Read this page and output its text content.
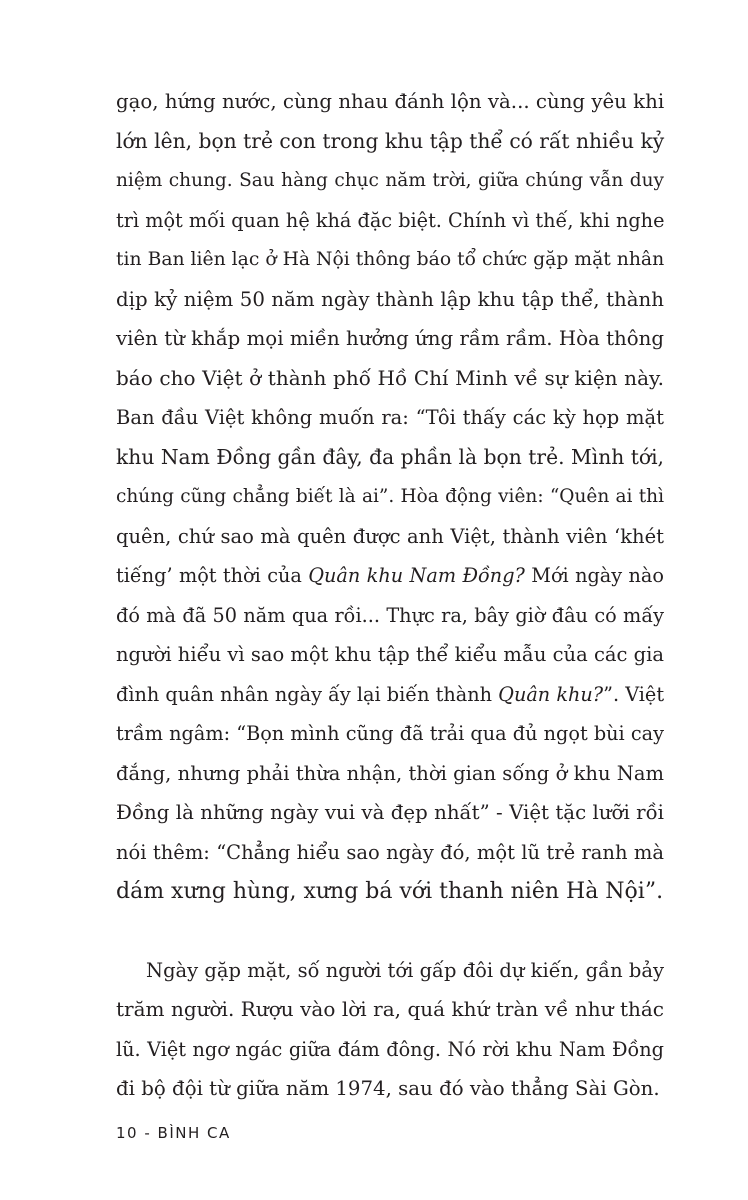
gạo, hứng nước, cùng nhau đánh lộn và... cùng yêu khi
lớn lên, bọn trẻ con trong khu tập thể có rất nhiều kỷ
niệm chung. Sau hàng chục năm trời, giữa chúng vẫn duy
trì một mối quan hệ khá đặc biệt. Chính vì thế, khi nghe
tin Ban liên lạc ở Hà Nội thông báo tổ chức gặp mặt nhân
dịp kỷ niệm 50 năm ngày thành lập khu tập thể, thành
viên từ khắp mọi miền hưởng ứng rầm rầm. Hòa thông
báo cho Việt ở thành phố Hồ Chí Minh về sự kiện này.
Ban đầu Việt không muốn ra: “Tôi thấy các kỳ họp mặt
khu Nam Đồng gần đây, đa phần là bọn trẻ. Mình tới,
chúng cũng chẳng biết là ai”. Hòa động viên: “Quên ai thì
quên, chứ sao mà quên được anh Việt, thành viên ‘khét
tiếng’ một thời của Quân khu Nam Đồng? Mới ngày nào
đó mà đã 50 năm qua rồi... Thực ra, bây giờ đâu có mấy
người hiểu vì sao một khu tập thể kiểu mẫu của các gia
đình quân nhân ngày ấy lại biến thành Quân khu?”. Việt
trầm ngâm: “Bọn mình cũng đã trải qua đủ ngọt bùi cay
đắng, nhưng phải thừa nhận, thời gian sống ở khu Nam
Đồng là những ngày vui và đẹp nhất” - Việt tặc lưỡi rồi
nói thêm: “Chẳng hiểu sao ngày đó, một lũ trẻ ranh mà
dám xưng hùng, xưng bá với thanh niên Hà Nội”.

Ngày gặp mặt, số người tới gấp đôi dự kiến, gần bảy
trăm người. Rượu vào lời ra, quá khứ tràn về như thác
lũ. Việt ngơ ngác giữa đám đông. Nó rời khu Nam Đồng
đi bộ đội từ giữa năm 1974, sau đó vào thẳng Sài Gòn.

10 - BÌNH CA
